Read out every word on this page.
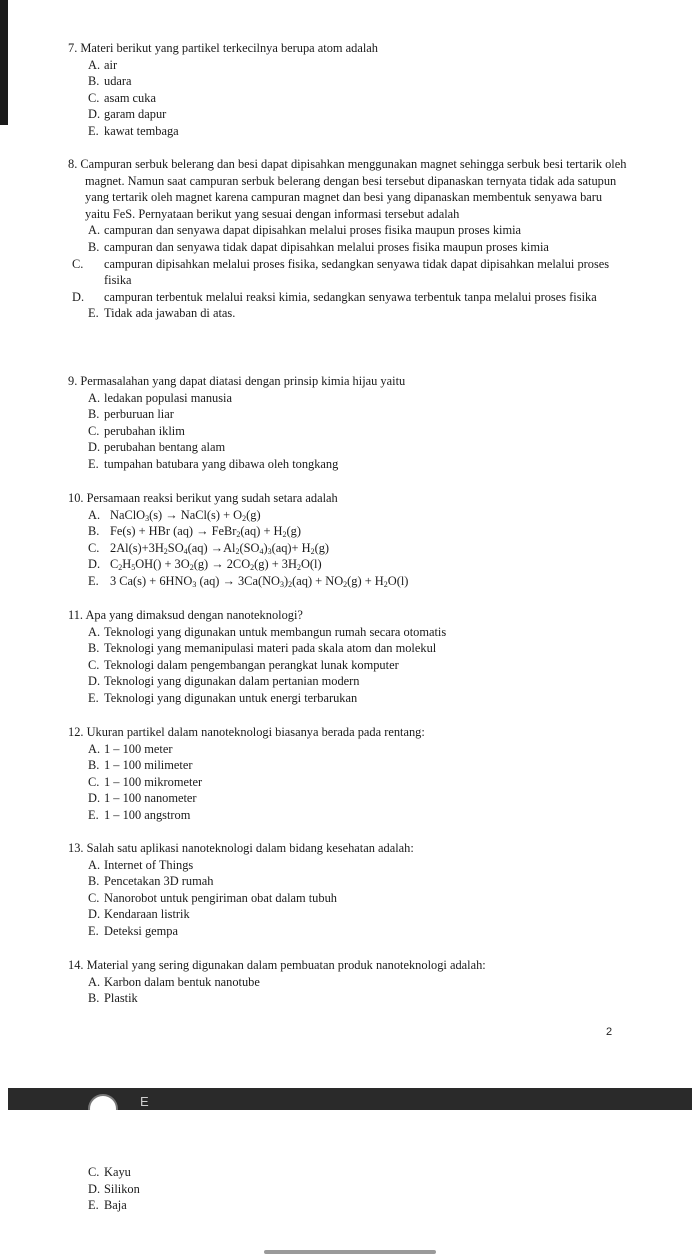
7. Materi berikut yang partikel terkecilnya berupa atom adalah
A. air
B. udara
C. asam cuka
D. garam dapur
E. kawat tembaga
8. Campuran serbuk belerang dan besi dapat dipisahkan menggunakan magnet sehingga serbuk besi tertarik oleh magnet. Namun saat campuran serbuk belerang dengan besi tersebut dipanaskan ternyata tidak ada satupun yang tertarik oleh magnet karena campuran magnet dan besi yang dipanaskan membentuk senyawa baru yaitu FeS. Pernyataan berikut yang sesuai dengan informasi tersebut adalah
A. campuran dan senyawa dapat dipisahkan melalui proses fisika maupun proses kimia
B. campuran dan senyawa tidak dapat dipisahkan melalui proses fisika maupun proses kimia
C. campuran dipisahkan melalui proses fisika, sedangkan senyawa tidak dapat dipisahkan melalui proses fisika
D. campuran terbentuk melalui reaksi kimia, sedangkan senyawa terbentuk tanpa melalui proses fisika
E. Tidak ada jawaban di atas.
9. Permasalahan yang dapat diatasi dengan prinsip kimia hijau yaitu
A. ledakan populasi manusia
B. perburuan liar
C. perubahan iklim
D. perubahan bentang alam
E. tumpahan batubara yang dibawa oleh tongkang
10. Persamaan reaksi berikut yang sudah setara adalah
A. NaClO$_3$(s) → NaCl(s) + $O_2(g)$
B. Fe(s) + HBr (aq) → FeBr$_2$(aq) + $H_2(g)$
C. $2Al(s)+3H_2SO_4(aq) \to Al_2(SO_4)_3(aq)+ H_2(g)$
D. $C_2H_5OH() + 3O_2(g) \to 2CO_2(g) + 3H_2O(l)$
E. 3 $Ca(s) + 6HNO_3$ $(aq) \to 3Ca(NO_3)_2(aq) + NO_2(g) + H_2O(l)$
11. Apa yang dimaksud dengan nanoteknologi?
A. Teknologi yang digunakan untuk membangun rumah secara otomatis
B. Teknologi yang memanipulasi materi pada skala atom dan molekul
C. Teknologi dalam pengembangan perangkat lunak komputer
D. Teknologi yang digunakan dalam pertanian modern
E. Teknologi yang digunakan untuk energi terbarukan
12. Ukuran partikel dalam nanoteknologi biasanya berada pada rentang:
A. 1 – 100 meter
B. 1 – 100 milimeter
C. 1 – 100 mikrometer
D. 1 – 100 nanometer
E. 1 – 100 angstrom
13. Salah satu aplikasi nanoteknologi dalam bidang kesehatan adalah:
A. Internet of Things
B. Pencetakan 3D rumah
C. Nanorobot untuk pengiriman obat dalam tubuh
D. Kendaraan listrik
E. Deteksi gempa
14. Material yang sering digunakan dalam pembuatan produk nanoteknologi adalah:
A. Karbon dalam bentuk nanotube
B. Plastik
2
E
C. Kayu
D. Silikon
E. Baja
